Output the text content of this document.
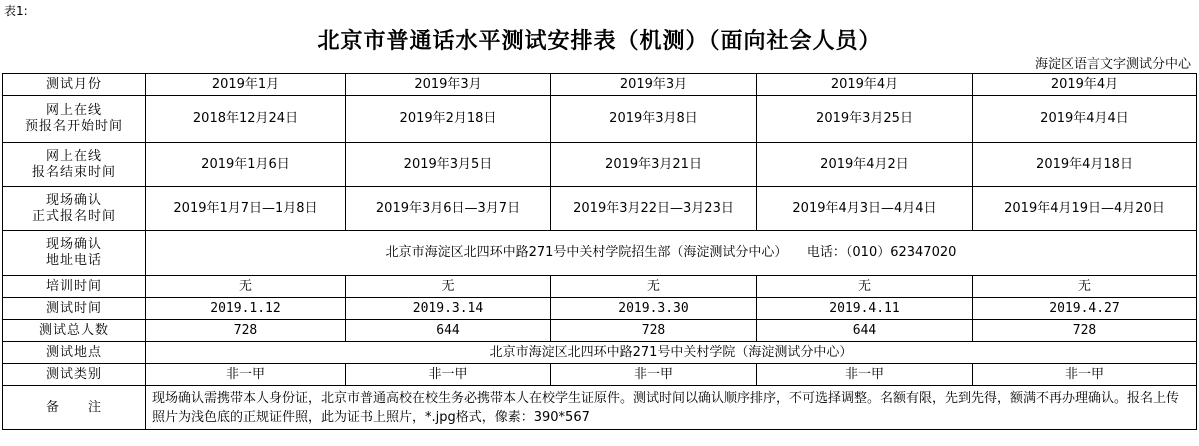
表1:
北京市普通话水平测试安排表（机测）（面向社会人员）
海淀区语言文字测试分中心
测试月份	2019年1月	2019年3月	2019年3月	2019年4月	2019年4月

网上在线
预报名开始时间	2018年12月24日	2019年2月18日	2019年3月8日	2019年3月25日	2019年4月4日

网上在线
报名结束时间	2019年1月6日	2019年3月5日	2019年3月21日	2019年4月2日	2019年4月18日

现场确认
正式报名时间	2019年1月7日—1月8日	2019年3月6日—3月7日	2019年3月22日—3月23日	2019年4月3日—4月4日	2019年4月19日—4月20日

现场确认
地址电话	北京市海淀区北四环中路271号中关村学院招生部（海淀测试分中心）　　电话：（010）62347020				
培训时间	无	无	无	无	无
测试时间	2019.1.12	2019.3.14	2019.3.30	2019.4.11	2019.4.27
测试总人数	728	644	728	644	728
测试地点	北京市海淀区北四环中路271号中关村学院（海淀测试分中心）				
测试类别	非一甲	非一甲	非一甲	非一甲	非一甲
备　　注	现场确认需携带本人身份证，北京市普通高校在校生务必携带本人在校学生证原件。测试时间以确认顺序排序，不可选择调整。名额有限，先到先得，额满不再办理确认。报名上传照片为浅色底的正规证件照，此为证书上照片，*.jpg格式，像素：390*567				
